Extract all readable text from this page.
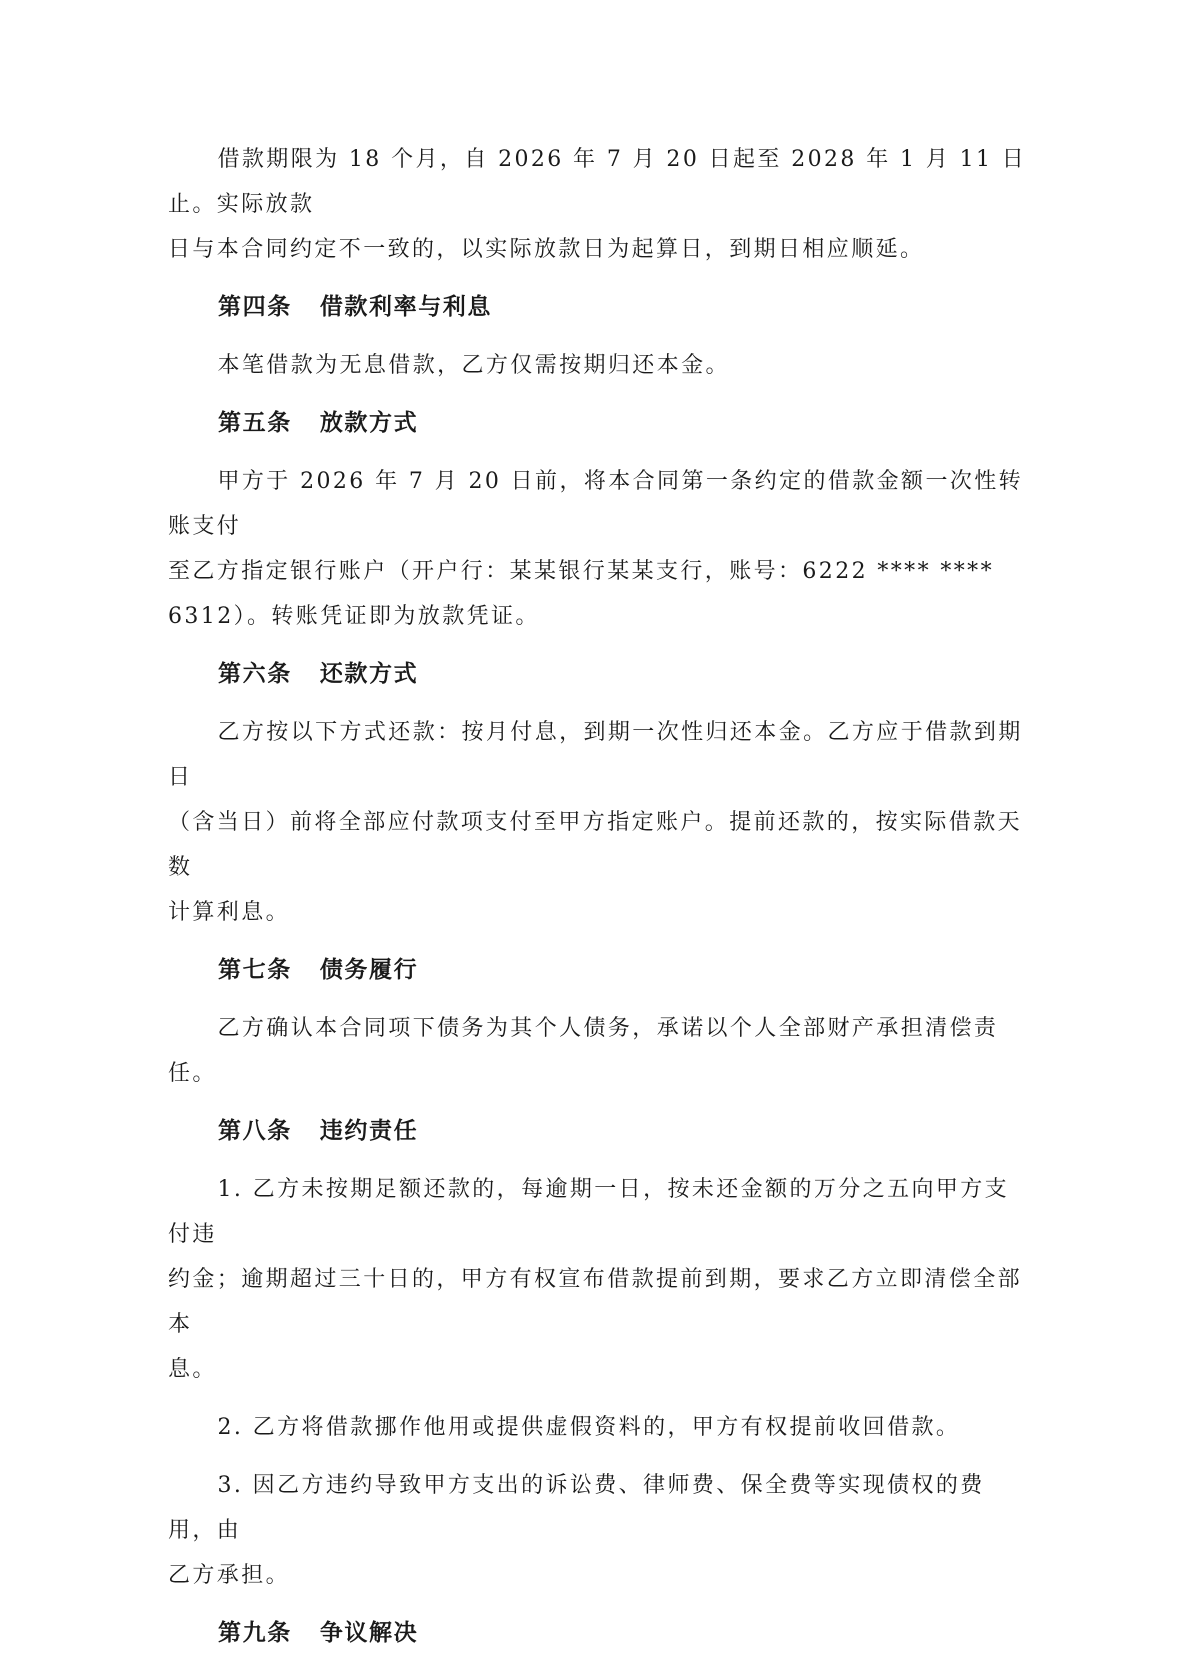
借款期限为 18 个月，自 2026 年 7 月 20 日起至 2028 年 1 月 11 日止。实际放款
日与本合同约定不一致的，以实际放款日为起算日，到期日相应顺延。

第四条 借款利率与利息

本笔借款为无息借款，乙方仅需按期归还本金。

第五条 放款方式

甲方于 2026 年 7 月 20 日前，将本合同第一条约定的借款金额一次性转账支付
至乙方指定银行账户（开户行：某某银行某某支行，账号：6222 **** ****
6312）。转账凭证即为放款凭证。

第六条 还款方式

乙方按以下方式还款：按月付息，到期一次性归还本金。乙方应于借款到期日
（含当日）前将全部应付款项支付至甲方指定账户。提前还款的，按实际借款天数
计算利息。

第七条 债务履行

乙方确认本合同项下债务为其个人债务，承诺以个人全部财产承担清偿责任。

第八条 违约责任

1. 乙方未按期足额还款的，每逾期一日，按未还金额的万分之五向甲方支付违
约金；逾期超过三十日的，甲方有权宣布借款提前到期，要求乙方立即清偿全部本
息。

2. 乙方将借款挪作他用或提供虚假资料的，甲方有权提前收回借款。

3. 因乙方违约导致甲方支出的诉讼费、律师费、保全费等实现债权的费用，由
乙方承担。

第九条 争议解决
